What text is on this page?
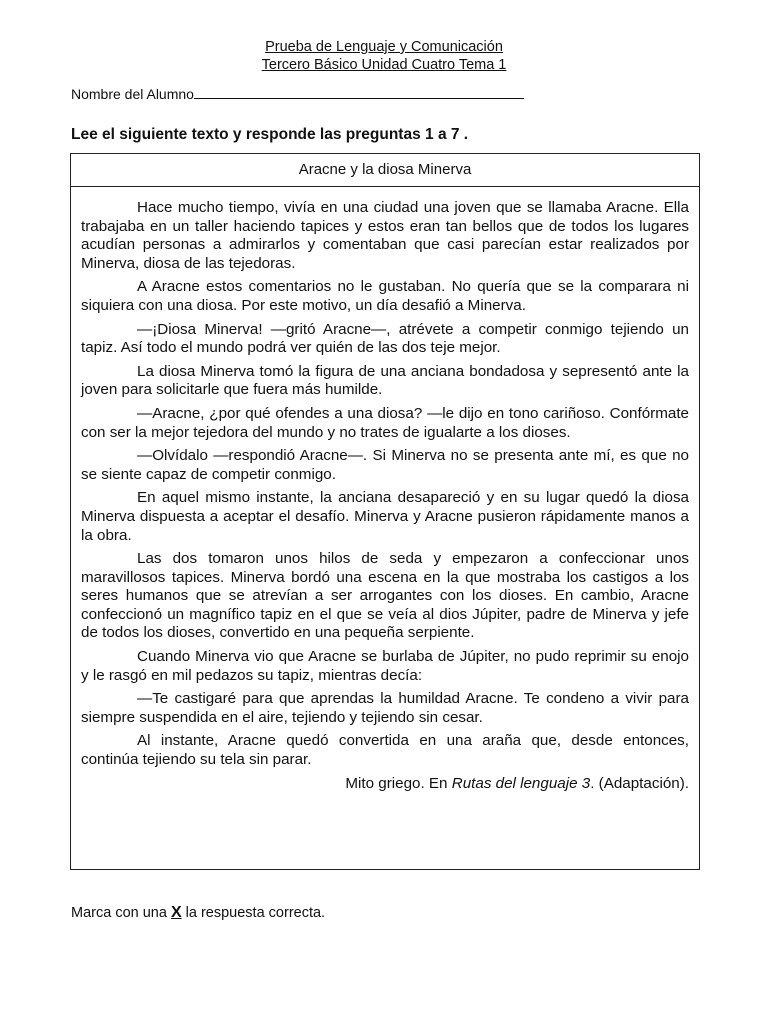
Prueba de Lenguaje y Comunicación
Tercero Básico Unidad Cuatro Tema 1
Nombre del Alumno
Lee el siguiente texto y responde las preguntas 1 a 7 .
Aracne y la diosa Minerva

Hace mucho tiempo, vivía en una ciudad una joven que se llamaba Aracne. Ella trabajaba en un taller haciendo tapices y estos eran tan bellos que de todos los lugares acudían personas a admirarlos y comentaban que casi parecían estar realizados por Minerva, diosa de las tejedoras.

A Aracne estos comentarios no le gustaban. No quería que se la comparara ni siquiera con una diosa. Por este motivo, un día desafió a Minerva.

—¡Diosa Minerva! —gritó Aracne—, atrévete a competir conmigo tejiendo un tapiz. Así todo el mundo podrá ver quién de las dos teje mejor.

La diosa Minerva tomó la figura de una anciana bondadosa y sepresentó ante la joven para solicitarle que fuera más humilde.

—Aracne, ¿por qué ofendes a una diosa? —le dijo en tono cariñoso. Confórmate con ser la mejor tejedora del mundo y no trates de igualarte a los dioses.

—Olvídalo —respondió Aracne—. Si Minerva no se presenta ante mí, es que no se siente capaz de competir conmigo.

En aquel mismo instante, la anciana desapareció y en su lugar quedó la diosa Minerva dispuesta a aceptar el desafío. Minerva y Aracne pusieron rápidamente manos a la obra.

Las dos tomaron unos hilos de seda y empezaron a confeccionar unos maravillosos tapices. Minerva bordó una escena en la que mostraba los castigos a los seres humanos que se atrevían a ser arrogantes con los dioses. En cambio, Aracne confeccionó un magnífico tapiz en el que se veía al dios Júpiter, padre de Minerva y jefe de todos los dioses, convertido en una pequeña serpiente.

Cuando Minerva vio que Aracne se burlaba de Júpiter, no pudo reprimir su enojo y le rasgó en mil pedazos su tapiz, mientras decía:

—Te castigaré para que aprendas la humildad Aracne. Te condeno a vivir para siempre suspendida en el aire, tejiendo y tejiendo sin cesar.

Al instante, Aracne quedó convertida en una araña que, desde entonces, continúa tejiendo su tela sin parar.

Mito griego. En Rutas del lenguaje 3. (Adaptación).
Marca con una X la respuesta correcta.
